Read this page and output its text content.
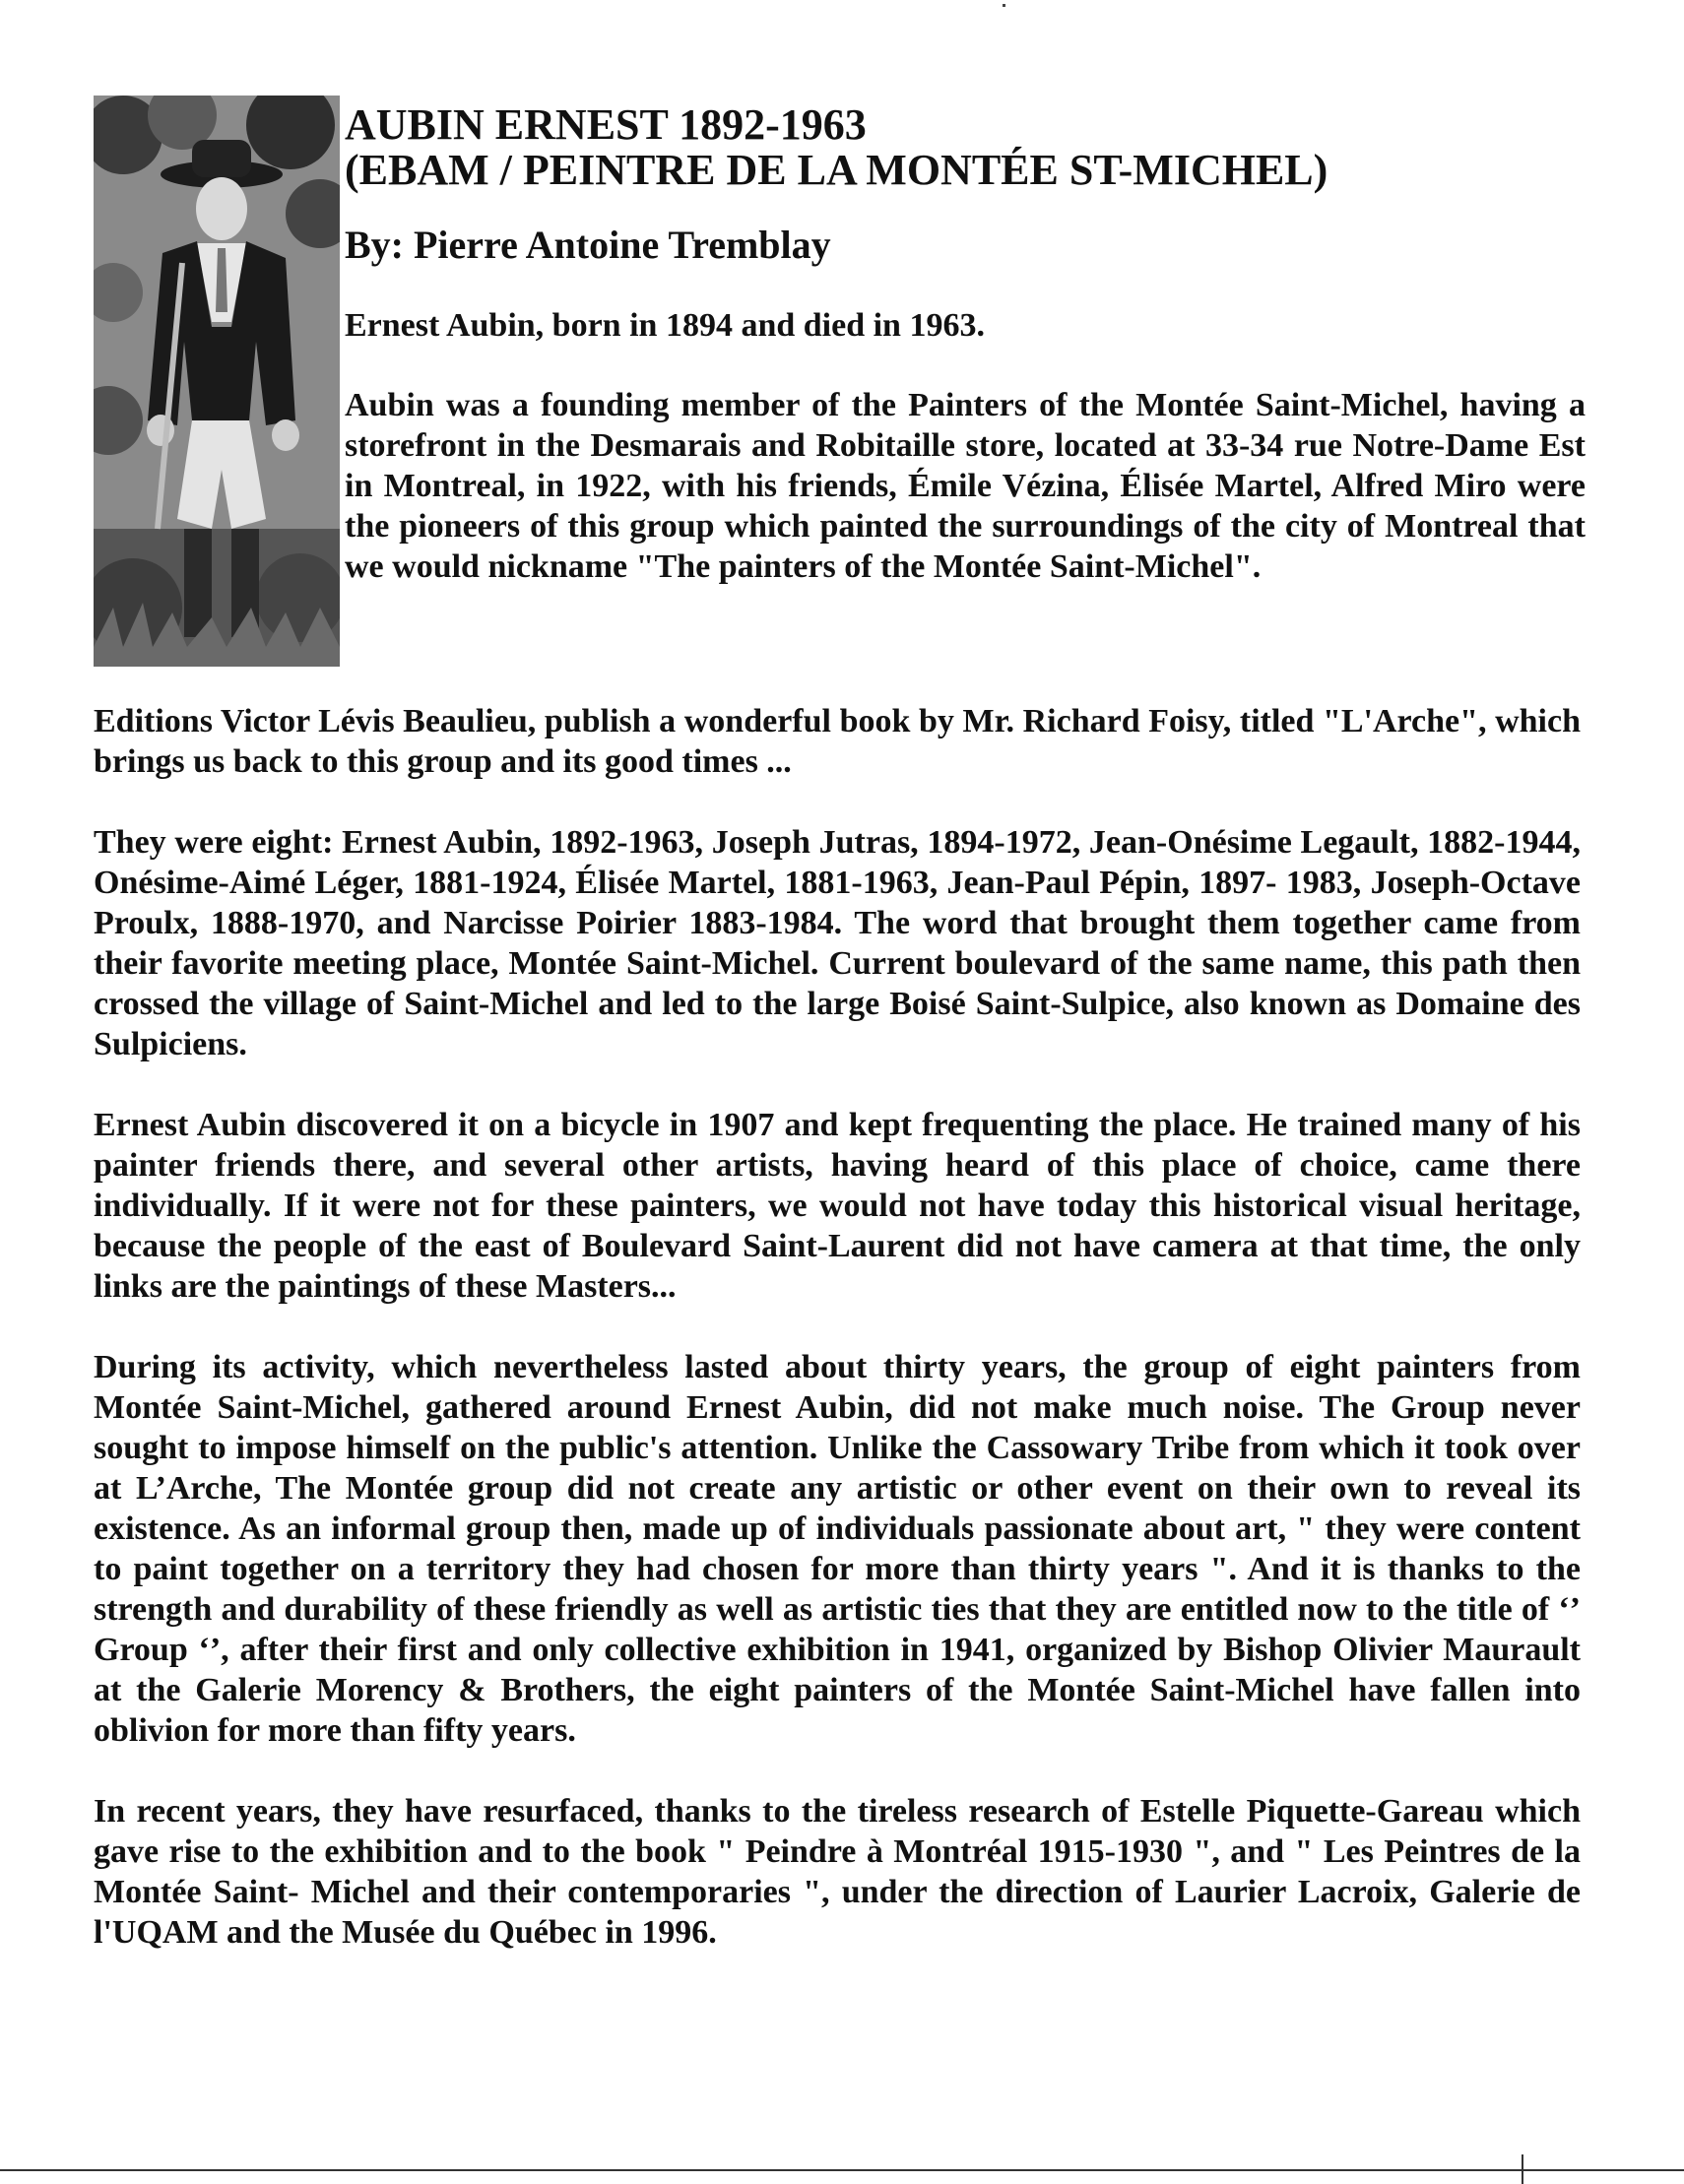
AUBIN ERNEST 1892-1963

(EBAM / PEINTRE DE LA MONTÉE ST-MICHEL)

By: Pierre Antoine Tremblay

Ernest Aubin, born in 1894 and died in 1963.

Aubin was a founding member of the Painters of the Montée Saint-Michel, having a storefront in the Desmarais and Robitaille store, located at 33-34 rue Notre-Dame Est in Montreal, in 1922, with his friends, Émile Vézina, Élisée Martel, Alfred Miro were the pioneers of this group which painted the surroundings of the city of Montreal that we would nickname "The painters of the Montée Saint-Michel".

Editions Victor Lévis Beaulieu, publish a wonderful book by Mr. Richard Foisy, titled "L'Arche", which brings us back to this group and its good times ...

They were eight: Ernest Aubin, 1892-1963, Joseph Jutras, 1894-1972, Jean-Onésime Legault, 1882-1944, Onésime-Aimé Léger, 1881-1924, Élisée Martel, 1881-1963, Jean-Paul Pépin, 1897- 1983, Joseph-Octave Proulx, 1888-1970, and Narcisse Poirier 1883-1984. The word that brought them together came from their favorite meeting place, Montée Saint-Michel. Current boulevard of the same name, this path then crossed the village of Saint-Michel and led to the large Boisé Saint-Sulpice, also known as Domaine des Sulpiciens.

Ernest Aubin discovered it on a bicycle in 1907 and kept frequenting the place. He trained many of his painter friends there, and several other artists, having heard of this place of choice, came there individually. If it were not for these painters, we would not have today this historical visual heritage, because the people of the east of Boulevard Saint-Laurent did not have camera at that time, the only links are the paintings of these Masters...

During its activity, which nevertheless lasted about thirty years, the group of eight painters from Montée Saint-Michel, gathered around Ernest Aubin, did not make much noise. The Group never sought to impose himself on the public's attention. Unlike the Cassowary Tribe from which it took over at L’Arche, The Montée group did not create any artistic or other event on their own to reveal its existence. As an informal group then, made up of individuals passionate about art, " they were content to paint together on a territory they had chosen for more than thirty years ". And it is thanks to the strength and durability of these friendly as well as artistic ties that they are entitled now to the title of ‘’ Group ‘’, after their first and only collective exhibition in 1941, organized by Bishop Olivier Maurault at the Galerie Morency & Brothers, the eight painters of the Montée Saint-Michel have fallen into oblivion for more than fifty years.

In recent years, they have resurfaced, thanks to the tireless research of Estelle Piquette-Gareau which gave rise to the exhibition and to the book " Peindre à Montréal 1915-1930 ", and " Les Peintres de la Montée Saint- Michel and their contemporaries ", under the direction of Laurier Lacroix, Galerie de l'UQAM and the Musée du Québec in 1996.
